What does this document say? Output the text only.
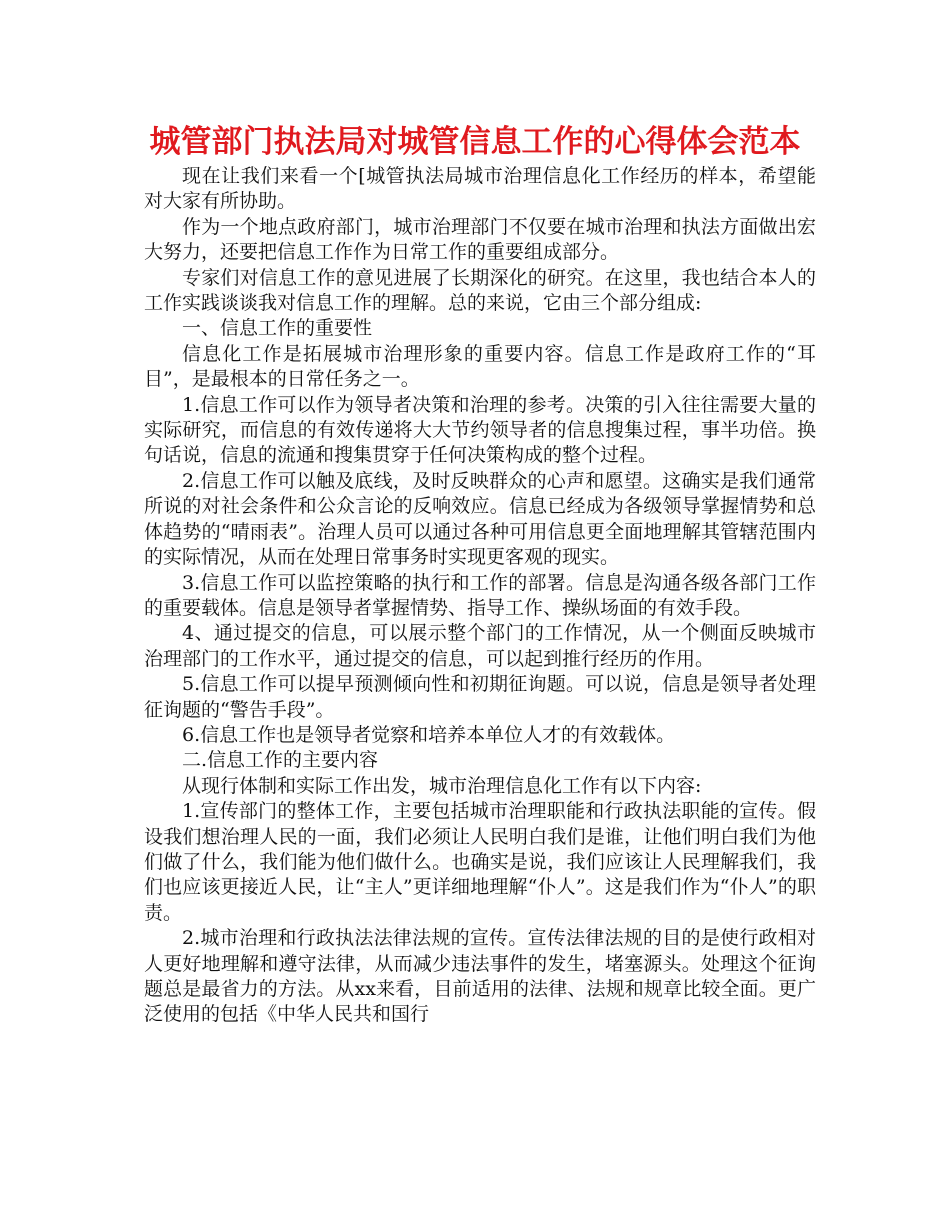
城管部门执法局对城管信息工作的心得体会范本

现在让我们来看一个[城管执法局城市治理信息化工作经历的样本，希望能对大家有所协助。

作为一个地点政府部门，城市治理部门不仅要在城市治理和执法方面做出宏大努力，还要把信息工作作为日常工作的重要组成部分。

专家们对信息工作的意见进展了长期深化的研究。在这里，我也结合本人的工作实践谈谈我对信息工作的理解。总的来说，它由三个部分组成:

一、信息工作的重要性

信息化工作是拓展城市治理形象的重要内容。信息工作是政府工作的“耳目”，是最根本的日常任务之一。

1.信息工作可以作为领导者决策和治理的参考。决策的引入往往需要大量的实际研究，而信息的有效传递将大大节约领导者的信息搜集过程，事半功倍。换句话说，信息的流通和搜集贯穿于任何决策构成的整个过程。

2.信息工作可以触及底线，及时反映群众的心声和愿望。这确实是我们通常所说的对社会条件和公众言论的反响效应。信息已经成为各级领导掌握情势和总体趋势的“晴雨表”。治理人员可以通过各种可用信息更全面地理解其管辖范围内的实际情况，从而在处理日常事务时实现更客观的现实。

3.信息工作可以监控策略的执行和工作的部署。信息是沟通各级各部门工作的重要载体。信息是领导者掌握情势、指导工作、操纵场面的有效手段。

4、通过提交的信息，可以展示整个部门的工作情况，从一个侧面反映城市治理部门的工作水平，通过提交的信息，可以起到推行经历的作用。

5.信息工作可以提早预测倾向性和初期征询题。可以说，信息是领导者处理征询题的“警告手段”。

6.信息工作也是领导者觉察和培养本单位人才的有效载体。

二.信息工作的主要内容

从现行体制和实际工作出发，城市治理信息化工作有以下内容:

1.宣传部门的整体工作，主要包括城市治理职能和行政执法职能的宣传。假设我们想治理人民的一面，我们必须让人民明白我们是谁，让他们明白我们为他们做了什么，我们能为他们做什么。也确实是说，我们应该让人民理解我们，我们也应该更接近人民，让“主人”更详细地理解“仆人”。这是我们作为“仆人”的职责。

2.城市治理和行政执法法律法规的宣传。宣传法律法规的目的是使行政相对人更好地理解和遵守法律，从而减少违法事件的发生，堵塞源头。处理这个征询题总是最省力的方法。从xx来看，目前适用的法律、法规和规章比较全面。更广泛使用的包括《中华人民共和国行
